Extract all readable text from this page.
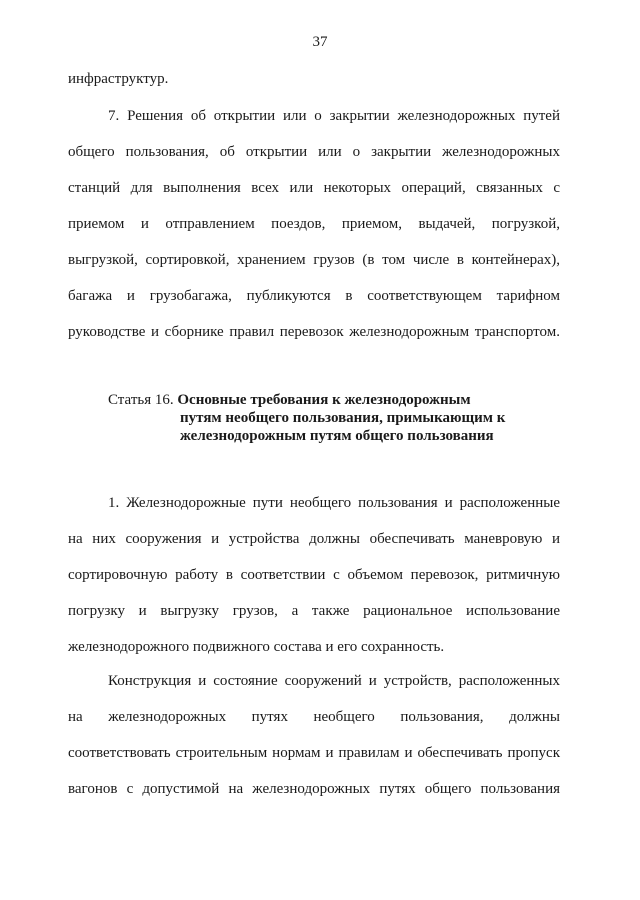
37
инфраструктур.
7. Решения об открытии или о закрытии железнодорожных путей
общего пользования, об открытии или о закрытии железнодорожных
станций для выполнения всех или некоторых операций, связанных с
приемом и отправлением поездов, приемом, выдачей, погрузкой,
выгрузкой, сортировкой, хранением грузов (в том числе в контейнерах),
багажа и грузобагажа, публикуются в соответствующем тарифном
руководстве и сборнике правил перевозок железнодорожным транспортом.
Статья 16. Основные требования к железнодорожным
путям необщего пользования, примыкающим к
железнодорожным путям общего пользования
1. Железнодорожные пути необщего пользования и расположенные
на них сооружения и устройства должны обеспечивать маневровую и
сортировочную работу в соответствии с объемом перевозок, ритмичную
погрузку и выгрузку грузов, а также рациональное использование
железнодорожного подвижного состава и его сохранность.
Конструкция и состояние сооружений и устройств, расположенных
на железнодорожных путях необщего пользования, должны
соответствовать строительным нормам и правилам и обеспечивать пропуск
вагонов с допустимой на железнодорожных путях общего пользования
